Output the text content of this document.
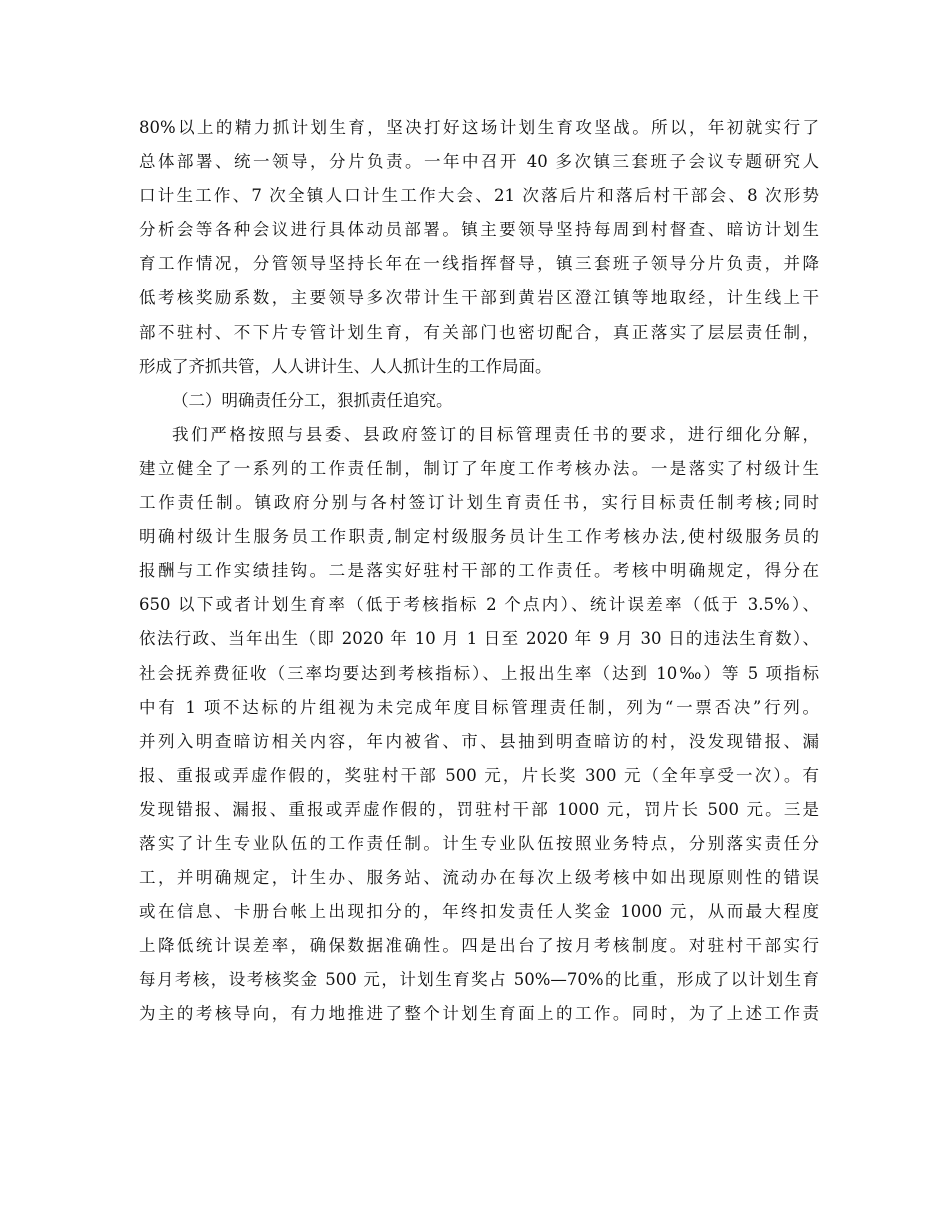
80%以上的精力抓计划生育，坚决打好这场计划生育攻坚战。所以，年初就实行了
总体部署、统一领导，分片负责。一年中召开 40 多次镇三套班子会议专题研究人
口计生工作、7 次全镇人口计生工作大会、21 次落后片和落后村干部会、8 次形势
分析会等各种会议进行具体动员部署。镇主要领导坚持每周到村督查、暗访计划生
育工作情况，分管领导坚持长年在一线指挥督导，镇三套班子领导分片负责，并降
低考核奖励系数，主要领导多次带计生干部到黄岩区澄江镇等地取经，计生线上干
部不驻村、不下片专管计划生育，有关部门也密切配合，真正落实了层层责任制，
形成了齐抓共管，人人讲计生、人人抓计生的工作局面。
（二）明确责任分工，狠抓责任追究。
我们严格按照与县委、县政府签订的目标管理责任书的要求，进行细化分解，
建立健全了一系列的工作责任制，制订了年度工作考核办法。一是落实了村级计生
工作责任制。镇政府分别与各村签订计划生育责任书，实行目标责任制考核;同时
明确村级计生服务员工作职责,制定村级服务员计生工作考核办法,使村级服务员的
报酬与工作实绩挂钩。二是落实好驻村干部的工作责任。考核中明确规定，得分在
650 以下或者计划生育率（低于考核指标 2 个点内）、统计误差率（低于 3.5%）、
依法行政、当年出生（即 2020 年 10 月 1 日至 2020 年 9 月 30 日的违法生育数）、
社会抚养费征收（三率均要达到考核指标）、上报出生率（达到 10‰）等 5 项指标
中有 1 项不达标的片组视为未完成年度目标管理责任制，列为“一票否决”行列。
并列入明查暗访相关内容，年内被省、市、县抽到明查暗访的村，没发现错报、漏
报、重报或弄虚作假的，奖驻村干部 500 元，片长奖 300 元（全年享受一次）。有
发现错报、漏报、重报或弄虚作假的，罚驻村干部 1000 元，罚片长 500 元。三是
落实了计生专业队伍的工作责任制。计生专业队伍按照业务特点，分别落实责任分
工，并明确规定，计生办、服务站、流动办在每次上级考核中如出现原则性的错误
或在信息、卡册台帐上出现扣分的，年终扣发责任人奖金 1000 元，从而最大程度
上降低统计误差率，确保数据准确性。四是出台了按月考核制度。对驻村干部实行
每月考核，设考核奖金 500 元，计划生育奖占 50%—70%的比重，形成了以计划生育
为主的考核导向，有力地推进了整个计划生育面上的工作。同时，为了上述工作责
